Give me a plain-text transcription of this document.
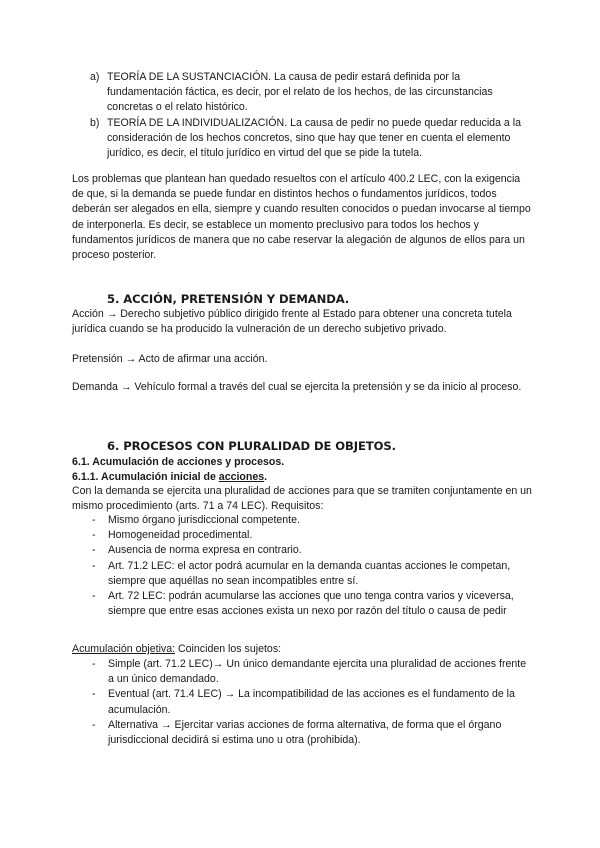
a) TEORÍA DE LA SUSTANCIACIÓN. La causa de pedir estará definida por la fundamentación fáctica, es decir, por el relato de los hechos, de las circunstancias concretas o el relato histórico.
b) TEORÍA DE LA INDIVIDUALIZACIÓN. La causa de pedir no puede quedar reducida a la consideración de los hechos concretos, sino que hay que tener en cuenta el elemento jurídico, es decir, el título jurídico en virtud del que se pide la tutela.

Los problemas que plantean han quedado resueltos con el artículo 400.2 LEC, con la exigencia de que, si la demanda se puede fundar en distintos hechos o fundamentos jurídicos, todos deberán ser alegados en ella, siempre y cuando resulten conocidos o puedan invocarse al tiempo de interponerla. Es decir, se establece un momento preclusivo para todos los hechos y fundamentos jurídicos de manera que no cabe reservar la alegación de algunos de ellos para un proceso posterior.

5. ACCIÓN, PRETENSIÓN Y DEMANDA.

Acción → Derecho subjetivo público dirigido frente al Estado para obtener una concreta tutela jurídica cuando se ha producido la vulneración de un derecho subjetivo privado.

Pretensión → Acto de afirmar una acción.

Demanda → Vehículo formal a través del cual se ejercita la pretensión y se da inicio al proceso.

6. PROCESOS CON PLURALIDAD DE OBJETOS.
6.1. Acumulación de acciones y procesos.
6.1.1. Acumulación inicial de acciones.

Con la demanda se ejercita una pluralidad de acciones para que se tramiten conjuntamente en un mismo procedimiento (arts. 71 a 74 LEC). Requisitos:

- Mismo órgano jurisdiccional competente.
- Homogeneidad procedimental.
- Ausencia de norma expresa en contrario.
- Art. 71.2 LEC: el actor podrá acumular en la demanda cuantas acciones le competan, siempre que aquéllas no sean incompatibles entre sí.
- Art. 72 LEC: podrán acumularse las acciones que uno tenga contra varios y viceversa, siempre que entre esas acciones exista un nexo por razón del título o causa de pedir

Acumulación objetiva: Coinciden los sujetos:

- Simple (art. 71.2 LEC)→ Un único demandante ejercita una pluralidad de acciones frente a un único demandado.
- Eventual (art. 71.4 LEC) → La incompatibilidad de las acciones es el fundamento de la acumulación.
- Alternativa → Ejercitar varias acciones de forma alternativa, de forma que el órgano jurisdiccional decidirá si estima uno u otra (prohibida).
